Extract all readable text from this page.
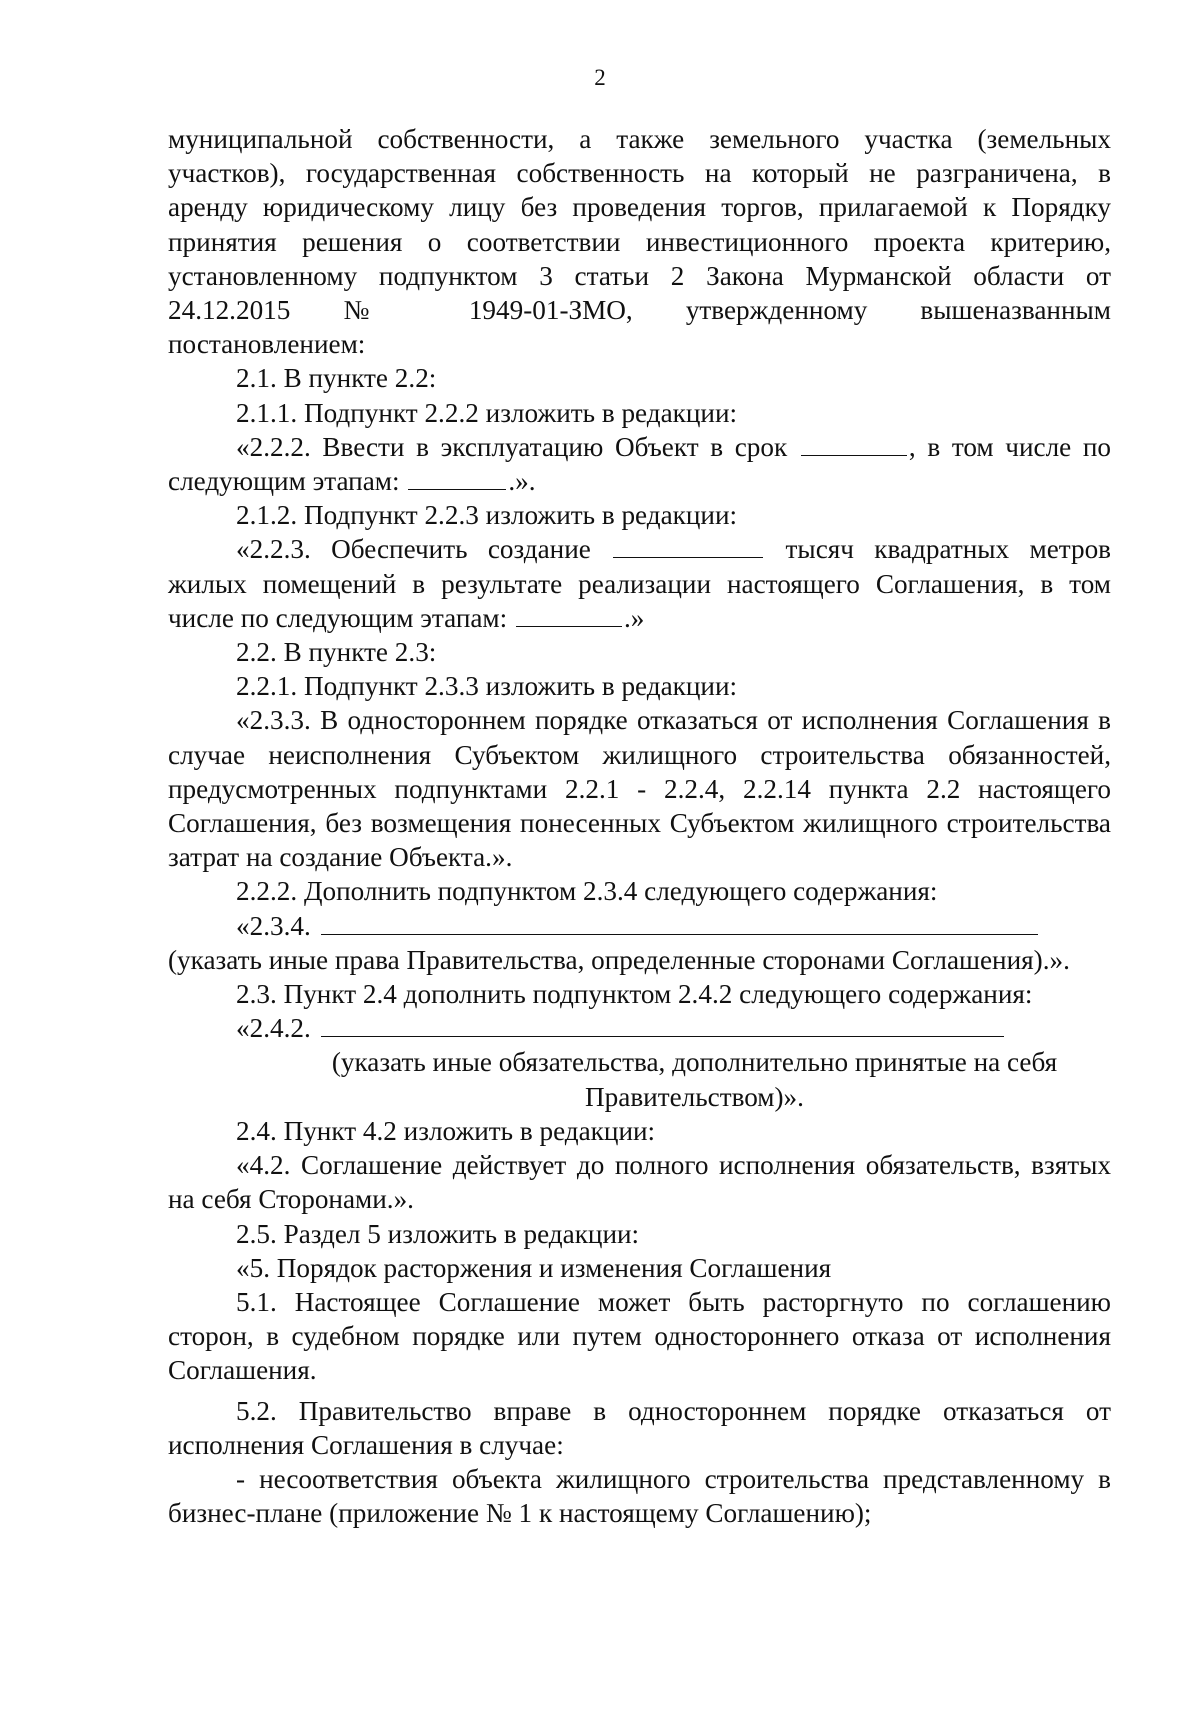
2

муниципальной собственности, а также земельного участка (земельных

участков), государственная собственность на который не разграничена, в

аренду юридическому лицу без проведения торгов, прилагаемой к Порядку

принятия решения о соответствии инвестиционного проекта критерию,

установленному подпунктом 3 статьи 2 Закона Мурманской области от

24.12.2015 № 1949-01-ЗМО, утвержденному вышеназванным

постановлением:

2.1. В пункте 2.2:

2.1.1. Подпункт 2.2.2 изложить в редакции:

«2.2.2. Ввести в эксплуатацию Объект в срок	, в том числе по

следующим этапам:	.».

2.1.2. Подпункт 2.2.3 изложить в редакции:

«2.2.3. Обеспечить создание	тысяч квадратных метров

жилых помещений в результате реализации настоящего Соглашения, в том

числе по следующим этапам:	.»

2.2. В пункте 2.3:

2.2.1. Подпункт 2.3.3 изложить в редакции:

«2.3.3. В одностороннем порядке отказаться от исполнения Соглашения в случае неисполнения Субъектом жилищного строительства обязанностей, предусмотренных подпунктами 2.2.1 - 2.2.4, 2.2.14 пункта 2.2 настоящего Соглашения, без возмещения понесенных Субъектом жилищного строительства затрат на создание Объекта.».

2.2.2. Дополнить подпунктом 2.3.4 следующего содержания:

«2.3.4.

(указать иные права Правительства, определенные сторонами Соглашения).».

2.3. Пункт 2.4 дополнить подпунктом 2.4.2 следующего содержания:

«2.4.2.

(указать иные обязательства, дополнительно принятые на себя

Правительством)».

2.4. Пункт 4.2 изложить в редакции:

«4.2. Соглашение действует до полного исполнения обязательств, взятых на себя Сторонами.».

2.5. Раздел 5 изложить в редакции:

«5. Порядок расторжения и изменения Соглашения

5.1. Настоящее Соглашение может быть расторгнуто по соглашению сторон, в судебном порядке или путем одностороннего отказа от исполнения Соглашения.

5.2. Правительство вправе в одностороннем порядке отказаться от исполнения Соглашения в случае:

- несоответствия объекта жилищного строительства представленному в бизнес-плане (приложение № 1 к настоящему Соглашению);
